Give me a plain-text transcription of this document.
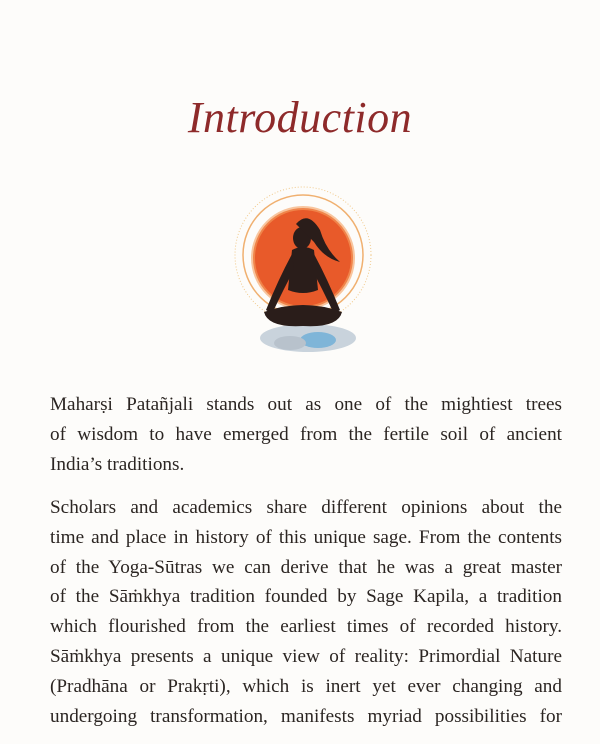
Introduction
Maharṣi Patañjali stands out as one of the mightiest trees
of wisdom to have emerged from the fertile soil of ancient
India’s traditions.
Scholars and academics share different opinions about the
time and place in history of this unique sage. From the contents
of the Yoga-Sūtras we can derive that he was a great master
of the Sāṁkhya tradition founded by Sage Kapila, a tradition
which flourished from the earliest times of recorded history.
Sāṁkhya presents a unique view of reality: Primordial Nature
(Pradhāna or Prakṛti), which is inert yet ever changing and
undergoing transformation, manifests myriad possibilities for
